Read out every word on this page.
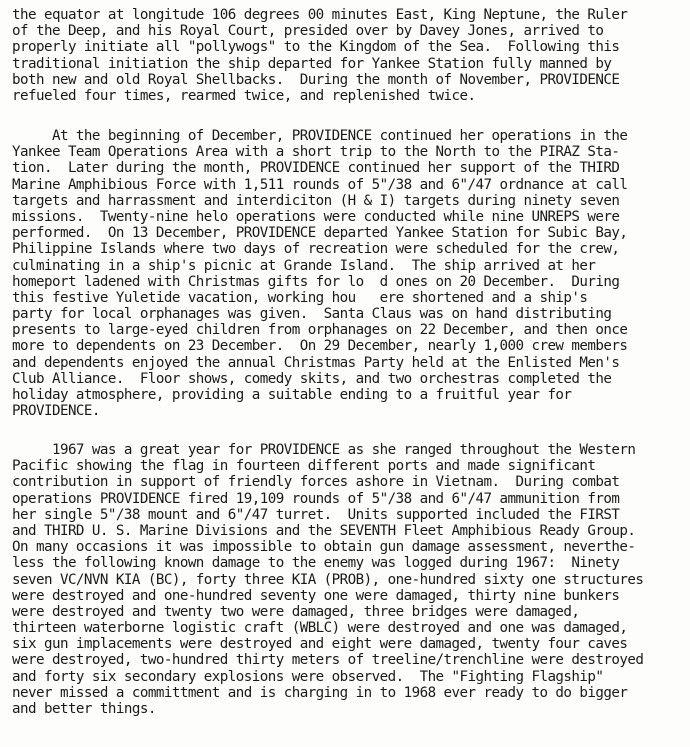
the equator at longitude 106 degrees 00 minutes East, King Neptune, the Ruler
of the Deep, and his Royal Court, presided over by Davey Jones, arrived to
properly initiate all "pollywogs" to the Kingdom of the Sea.  Following this
traditional initiation the ship departed for Yankee Station fully manned by
both new and old Royal Shellbacks.  During the month of November, PROVIDENCE
refueled four times, rearmed twice, and replenished twice.

At the beginning of December, PROVIDENCE continued her operations in the
Yankee Team Operations Area with a short trip to the North to the PIRAZ Sta-
tion.  Later during the month, PROVIDENCE continued her support of the THIRD
Marine Amphibious Force with 1,511 rounds of 5"/38 and 6"/47 ordnance at call
targets and harrassment and interdiciton (H & I) targets during ninety seven
missions.  Twenty-nine helo operations were conducted while nine UNREPS were
performed.  On 13 December, PROVIDENCE departed Yankee Station for Subic Bay,
Philippine Islands where two days of recreation were scheduled for the crew,
culminating in a ship's picnic at Grande Island.  The ship arrived at her
homeport ladened with Christmas gifts for lo  d ones on 20 December.  During
this festive Yuletide vacation, working hou   ere shortened and a ship's
party for local orphanages was given.  Santa Claus was on hand distributing
presents to large-eyed children from orphanages on 22 December, and then once
more to dependents on 23 December.  On 29 December, nearly 1,000 crew members
and dependents enjoyed the annual Christmas Party held at the Enlisted Men's
Club Alliance.  Floor shows, comedy skits, and two orchestras completed the
holiday atmosphere, providing a suitable ending to a fruitful year for
PROVIDENCE.

1967 was a great year for PROVIDENCE as she ranged throughout the Western
Pacific showing the flag in fourteen different ports and made significant
contribution in support of friendly forces ashore in Vietnam.  During combat
operations PROVIDENCE fired 19,109 rounds of 5"/38 and 6"/47 ammunition from
her single 5"/38 mount and 6"/47 turret.  Units supported included the FIRST
and THIRD U. S. Marine Divisions and the SEVENTH Fleet Amphibious Ready Group.
On many occasions it was impossible to obtain gun damage assessment, neverthe-
less the following known damage to the enemy was logged during 1967:  Ninety
seven VC/NVN KIA (BC), forty three KIA (PROB), one-hundred sixty one structures
were destroyed and one-hundred seventy one were damaged, thirty nine bunkers
were destroyed and twenty two were damaged, three bridges were damaged,
thirteen waterborne logistic craft (WBLC) were destroyed and one was damaged,
six gun implacements were destroyed and eight were damaged, twenty four caves
were destroyed, two-hundred thirty meters of treeline/trenchline were destroyed
and forty six secondary explosions were observed.  The "Fighting Flagship"
never missed a committment and is charging in to 1968 ever ready to do bigger
and better things.
